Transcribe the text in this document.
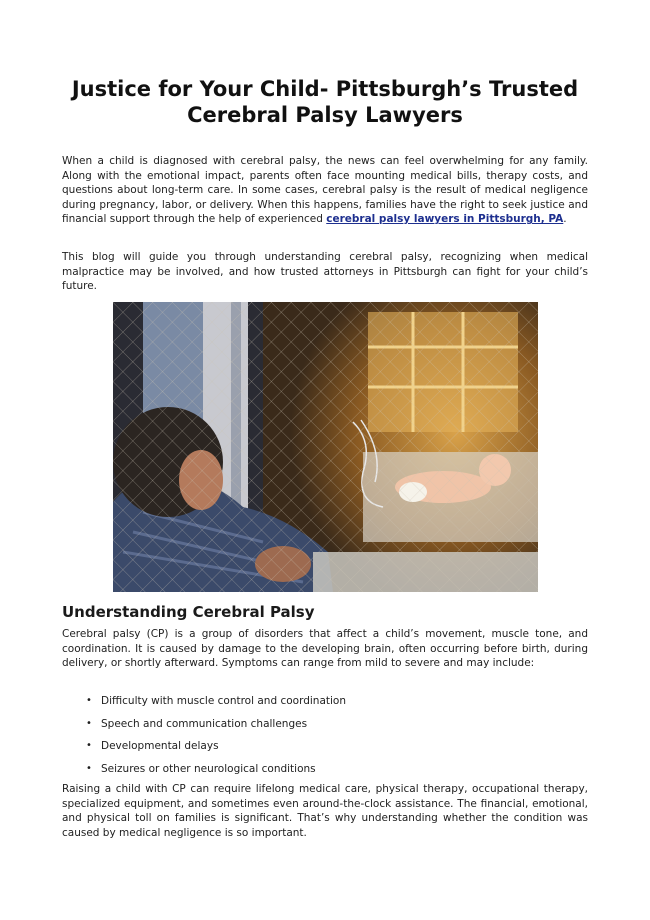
Justice for Your Child- Pittsburgh’s Trusted Cerebral Palsy Lawyers

When a child is diagnosed with cerebral palsy, the news can feel overwhelming for any family. Along with the emotional impact, parents often face mounting medical bills, therapy costs, and questions about long-term care. In some cases, cerebral palsy is the result of medical negligence during pregnancy, labor, or delivery. When this happens, families have the right to seek justice and financial support through the help of experienced cerebral palsy lawyers in Pittsburgh, PA.

This blog will guide you through understanding cerebral palsy, recognizing when medical malpractice may be involved, and how trusted attorneys in Pittsburgh can fight for your child’s future.

Understanding Cerebral Palsy

Cerebral palsy (CP) is a group of disorders that affect a child’s movement, muscle tone, and coordination. It is caused by damage to the developing brain, often occurring before birth, during delivery, or shortly afterward. Symptoms can range from mild to severe and may include:

• Difficulty with muscle control and coordination
• Speech and communication challenges
• Developmental delays
• Seizures or other neurological conditions

Raising a child with CP can require lifelong medical care, physical therapy, occupational therapy, specialized equipment, and sometimes even around-the-clock assistance. The financial, emotional, and physical toll on families is significant. That’s why understanding whether the condition was caused by medical negligence is so important.
